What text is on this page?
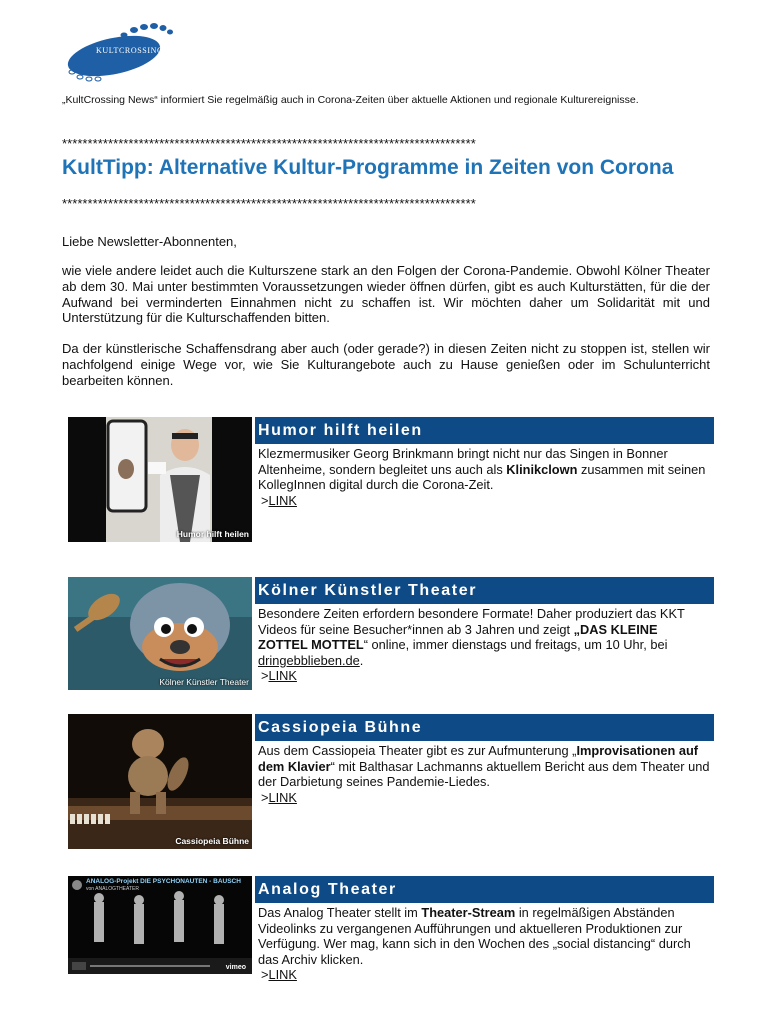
KULTCROSSING
„KultCrossing News“ informiert Sie regelmäßig auch in Corona-Zeiten über aktuelle Aktionen und regionale Kulturereignisse.
*********************************************************************************
KultTipp: Alternative Kultur-Programme in Zeiten von Corona
*********************************************************************************
Liebe Newsletter-Abonnenten,
wie viele andere leidet auch die Kulturszene stark an den Folgen der Corona-Pandemie. Obwohl Kölner Theater ab dem 30. Mai unter bestimmten Voraussetzungen wieder öffnen dürfen, gibt es auch Kulturstätten, für die der Aufwand bei verminderten Einnahmen nicht zu schaffen ist. Wir möchten daher um Solidarität mit und Unterstützung für die Kulturschaffenden bitten.
Da der künstlerische Schaffensdrang aber auch (oder gerade?) in diesen Zeiten nicht zu stoppen ist, stellen wir nachfolgend einige Wege vor, wie Sie Kulturangebote auch zu Hause genießen oder im Schulunterricht bearbeiten können.
Humor hilft heilen
Humor hilft heilen
Klezmermusiker Georg Brinkmann bringt nicht nur das Singen in Bonner Altenheime, sondern begleitet uns auch als Klinikclown zusammen mit seinen KollegInnen digital durch die Corona-Zeit.
>LINK
Kölner Künstler Theater
Kölner Künstler Theater
Besondere Zeiten erfordern besondere Formate! Daher produziert das KKT Videos für seine Besucher*innen ab 3 Jahren und zeigt „DAS KLEINE ZOTTEL MOTTEL“ online, immer dienstags und freitags, um 10 Uhr, bei dringebblieben.de.
>LINK
Cassiopeia Bühne
Cassiopeia Bühne
Aus dem Cassiopeia Theater gibt es zur Aufmunterung „Improvisationen auf dem Klavier“ mit Balthasar Lachmanns aktuellem Bericht aus dem Theater und der Darbietung seines Pandemie-Liedes.
>LINK
ANALOG-Projekt DIE PSYCHONAUTEN - BAUSCH
von ANALOGTHEATER
vimeo
Analog Theater
Das Analog Theater stellt im Theater-Stream in regelmäßigen Abständen Videolinks zu vergangenen Aufführungen und aktuelleren Produktionen zur Verfügung. Wer mag, kann sich in den Wochen des „social distancing“ durch das Archiv klicken.
>LINK
